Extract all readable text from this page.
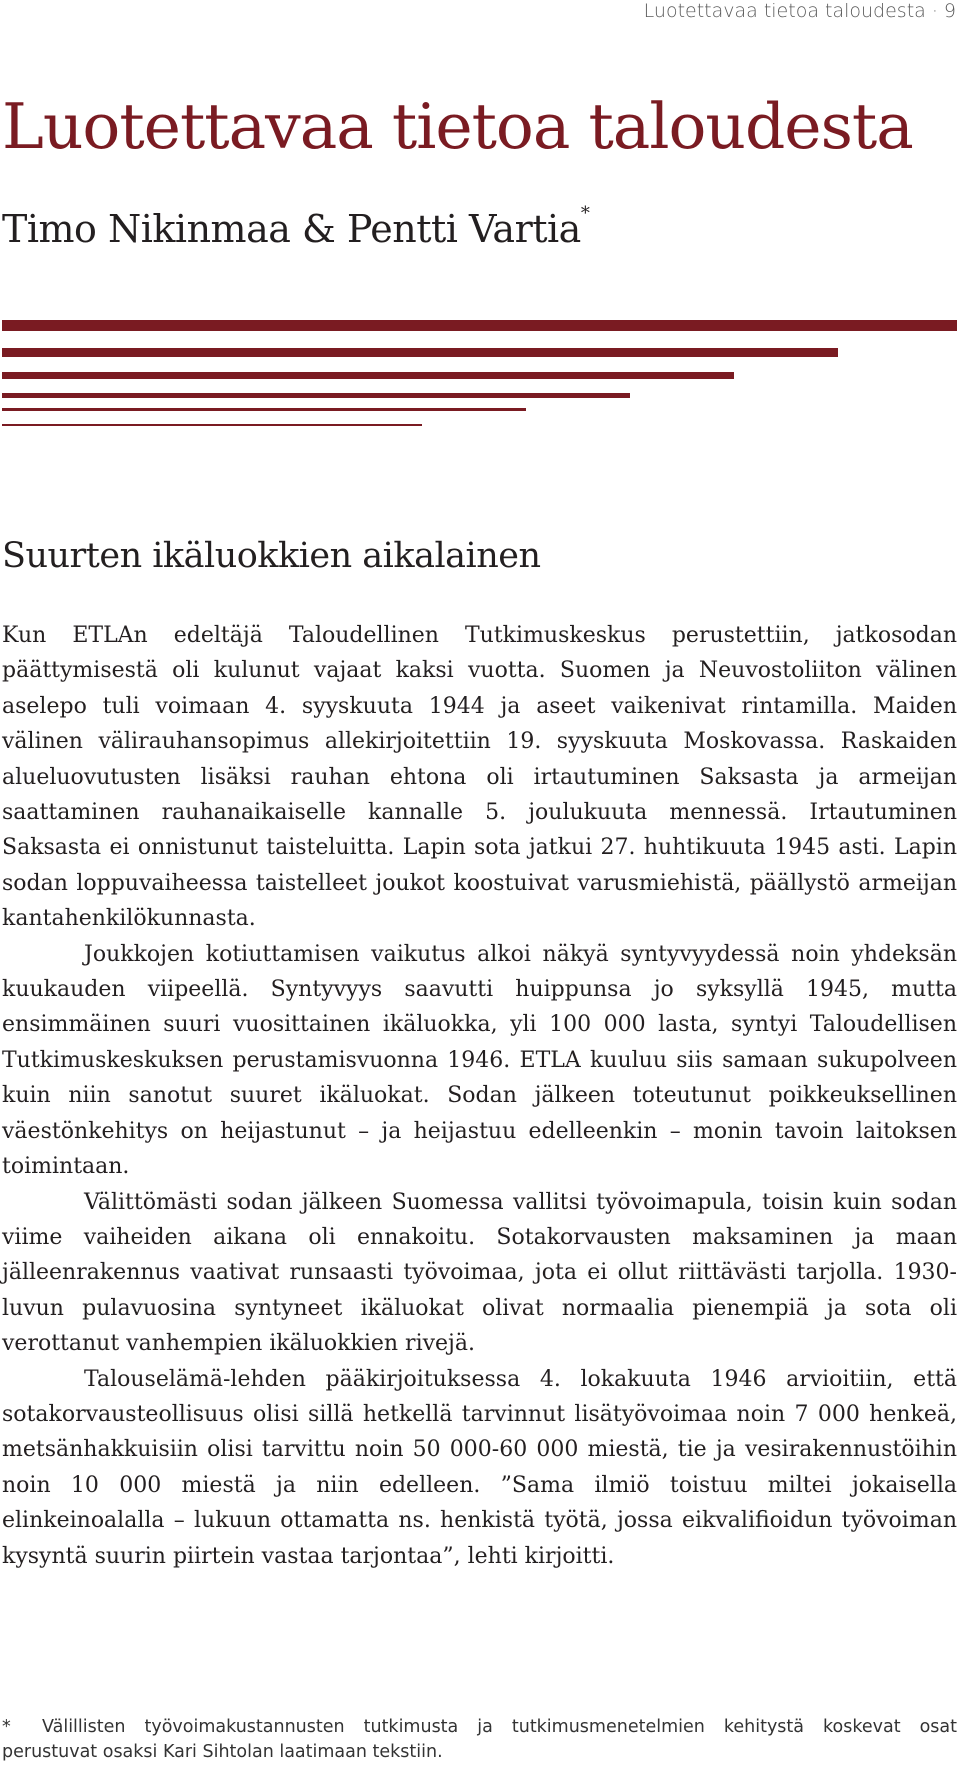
Luotettavaa tietoa taloudesta · 9
Luotettavaa tietoa taloudesta
Timo Nikinmaa & Pentti Vartia*
Suurten ikäluokkien aikalainen

Kun ETLAn edeltäjä Taloudellinen Tutkimuskeskus perustettiin, jatkosodan päättymisestä oli kulunut vajaat kaksi vuotta. Suomen ja Neuvostoliiton välinen aselepo tuli voimaan 4. syyskuuta 1944 ja aseet vaikenivat rintamilla. Maiden välinen välirauhansopimus allekirjoitettiin 19. syyskuuta Moskovassa. Raskaiden alueluovutusten lisäksi rauhan ehtona oli irtautuminen Saksasta ja armeijan saattaminen rauhanaikaiselle kannalle 5. joulukuuta mennessä. Irtautuminen Saksasta ei onnistunut taisteluitta. Lapin sota jatkui 27. huhtikuuta 1945 asti. Lapin sodan loppuvaiheessa taistelleet joukot koostuivat varusmiehistä, päällystö armeijan kantahenkilökunnasta.

Joukkojen kotiuttamisen vaikutus alkoi näkyä syntyvyydessä noin yhdeksän kuukauden viipeellä. Syntyvyys saavutti huippunsa jo syksyllä 1945, mutta ensimmäinen suuri vuosittainen ikäluokka, yli 100 000 lasta, syntyi Taloudellisen Tutkimuskeskuksen perustamisvuonna 1946. ETLA kuuluu siis samaan sukupolveen kuin niin sanotut suuret ikäluokat. Sodan jälkeen toteutunut poikkeuksellinen väestönkehitys on heijastunut – ja heijastuu edelleenkin – monin tavoin laitoksen toimintaan.

Välittömästi sodan jälkeen Suomessa vallitsi työvoimapula, toisin kuin sodan viime vaiheiden aikana oli ennakoitu. Sotakorvausten maksaminen ja maan jälleenrakennus vaativat runsaasti työvoimaa, jota ei ollut riittävästi tarjolla. 1930-luvun pulavuosina syntyneet ikäluokat olivat normaalia pienempiä ja sota oli verottanut vanhempien ikäluokkien rivejä.

Talouselämä-lehden pääkirjoituksessa 4. lokakuuta 1946 arvioitiin, että sotakorvausteollisuus olisi sillä hetkellä tarvinnut lisätyövoimaa noin 7 000 henkeä, metsänhakkuisiin olisi tarvittu noin 50 000-60 000 miestä, tie ja vesirakennustöihin noin 10 000 miestä ja niin edelleen. ”Sama ilmiö toistuu miltei jokaisella elinkeinoalalla – lukuun ottamatta ns. henkistä työtä, jossa eikvalifioidun työvoiman kysyntä suurin piirtein vastaa tarjontaa”, lehti kirjoitti.

* Välillisten työvoimakustannusten tutkimusta ja tutkimusmenetelmien kehitystä koskevat osat perustuvat osaksi Kari Sihtolan laatimaan tekstiin.
